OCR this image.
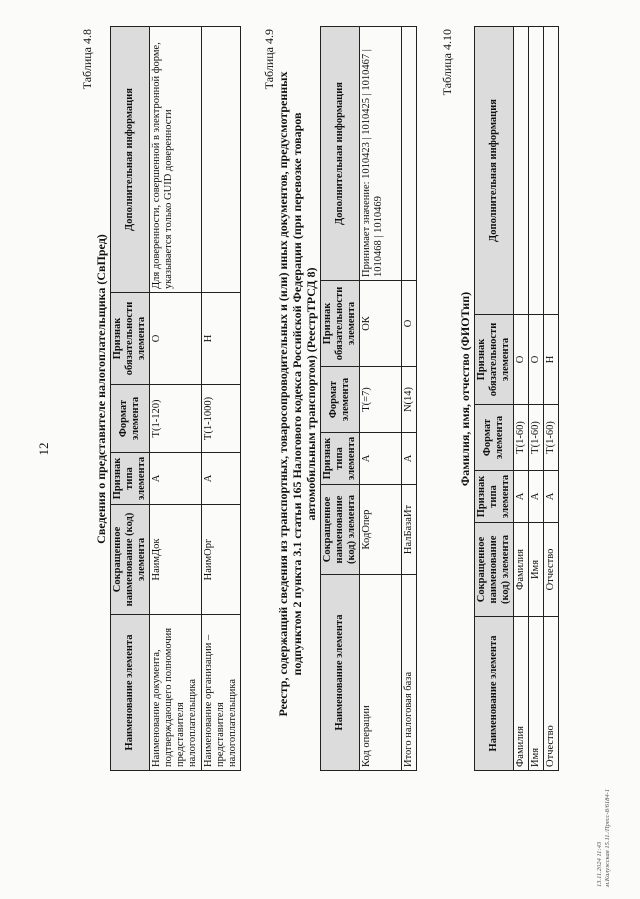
12
Таблица 4.8
Сведения о представителе налогоплательщика (СвПред)
Наименование элемента	Сокращенное наименование (код) элемента	Признак типа элемента	Формат элемента	Признак обязательности элемента	Дополнительная информация
Наименование документа, подтверждающего полномочия представителя налогоплательщика	НаимДок	А	Т(1-120)	О	Для доверенности, совершенной в электронной форме, указывается только GUID доверенности
Наименование организации – представителя налогоплательщика	НаимОрг	А	Т(1-1000)	Н	
Таблица 4.9
Реестр, содержащий сведения из транспортных, товаросопроводительных и (или) иных документов, предусмотренных подпунктом 2 пункта 3.1 статьи 165 Налогового кодекса Российской Федерации (при перевозке товаров автомобильным транспортом) (РеестрТРСД 8)
Наименование элемента	Сокращенное наименование (код) элемента	Признак типа элемента	Формат элемента	Признак обязательности элемента	Дополнительная информация
Код операции	КодОпер	А	Т(=7)	ОК	Принимает значение: 1010423 | 1010425 | 1010467 | 1010468 | 1010469
Итого налоговая база	НалБазаИт	А	N(14)	О	
Таблица 4.10
Фамилия, имя, отчество (ФИОТип)
Наименование элемента	Сокращенное наименование (код) элемента	Признак типа элемента	Формат элемента	Признак обязательности элемента	Дополнительная информация
Фамилия	Фамилия	А	Т(1-60)	О	
Имя	Имя	А	Т(1-60)	О	
Отчество	Отчество	А	Т(1-60)	Н	
13.11.2024 11:43 м.Калужская 15.11./Пресс-8/6184-1
